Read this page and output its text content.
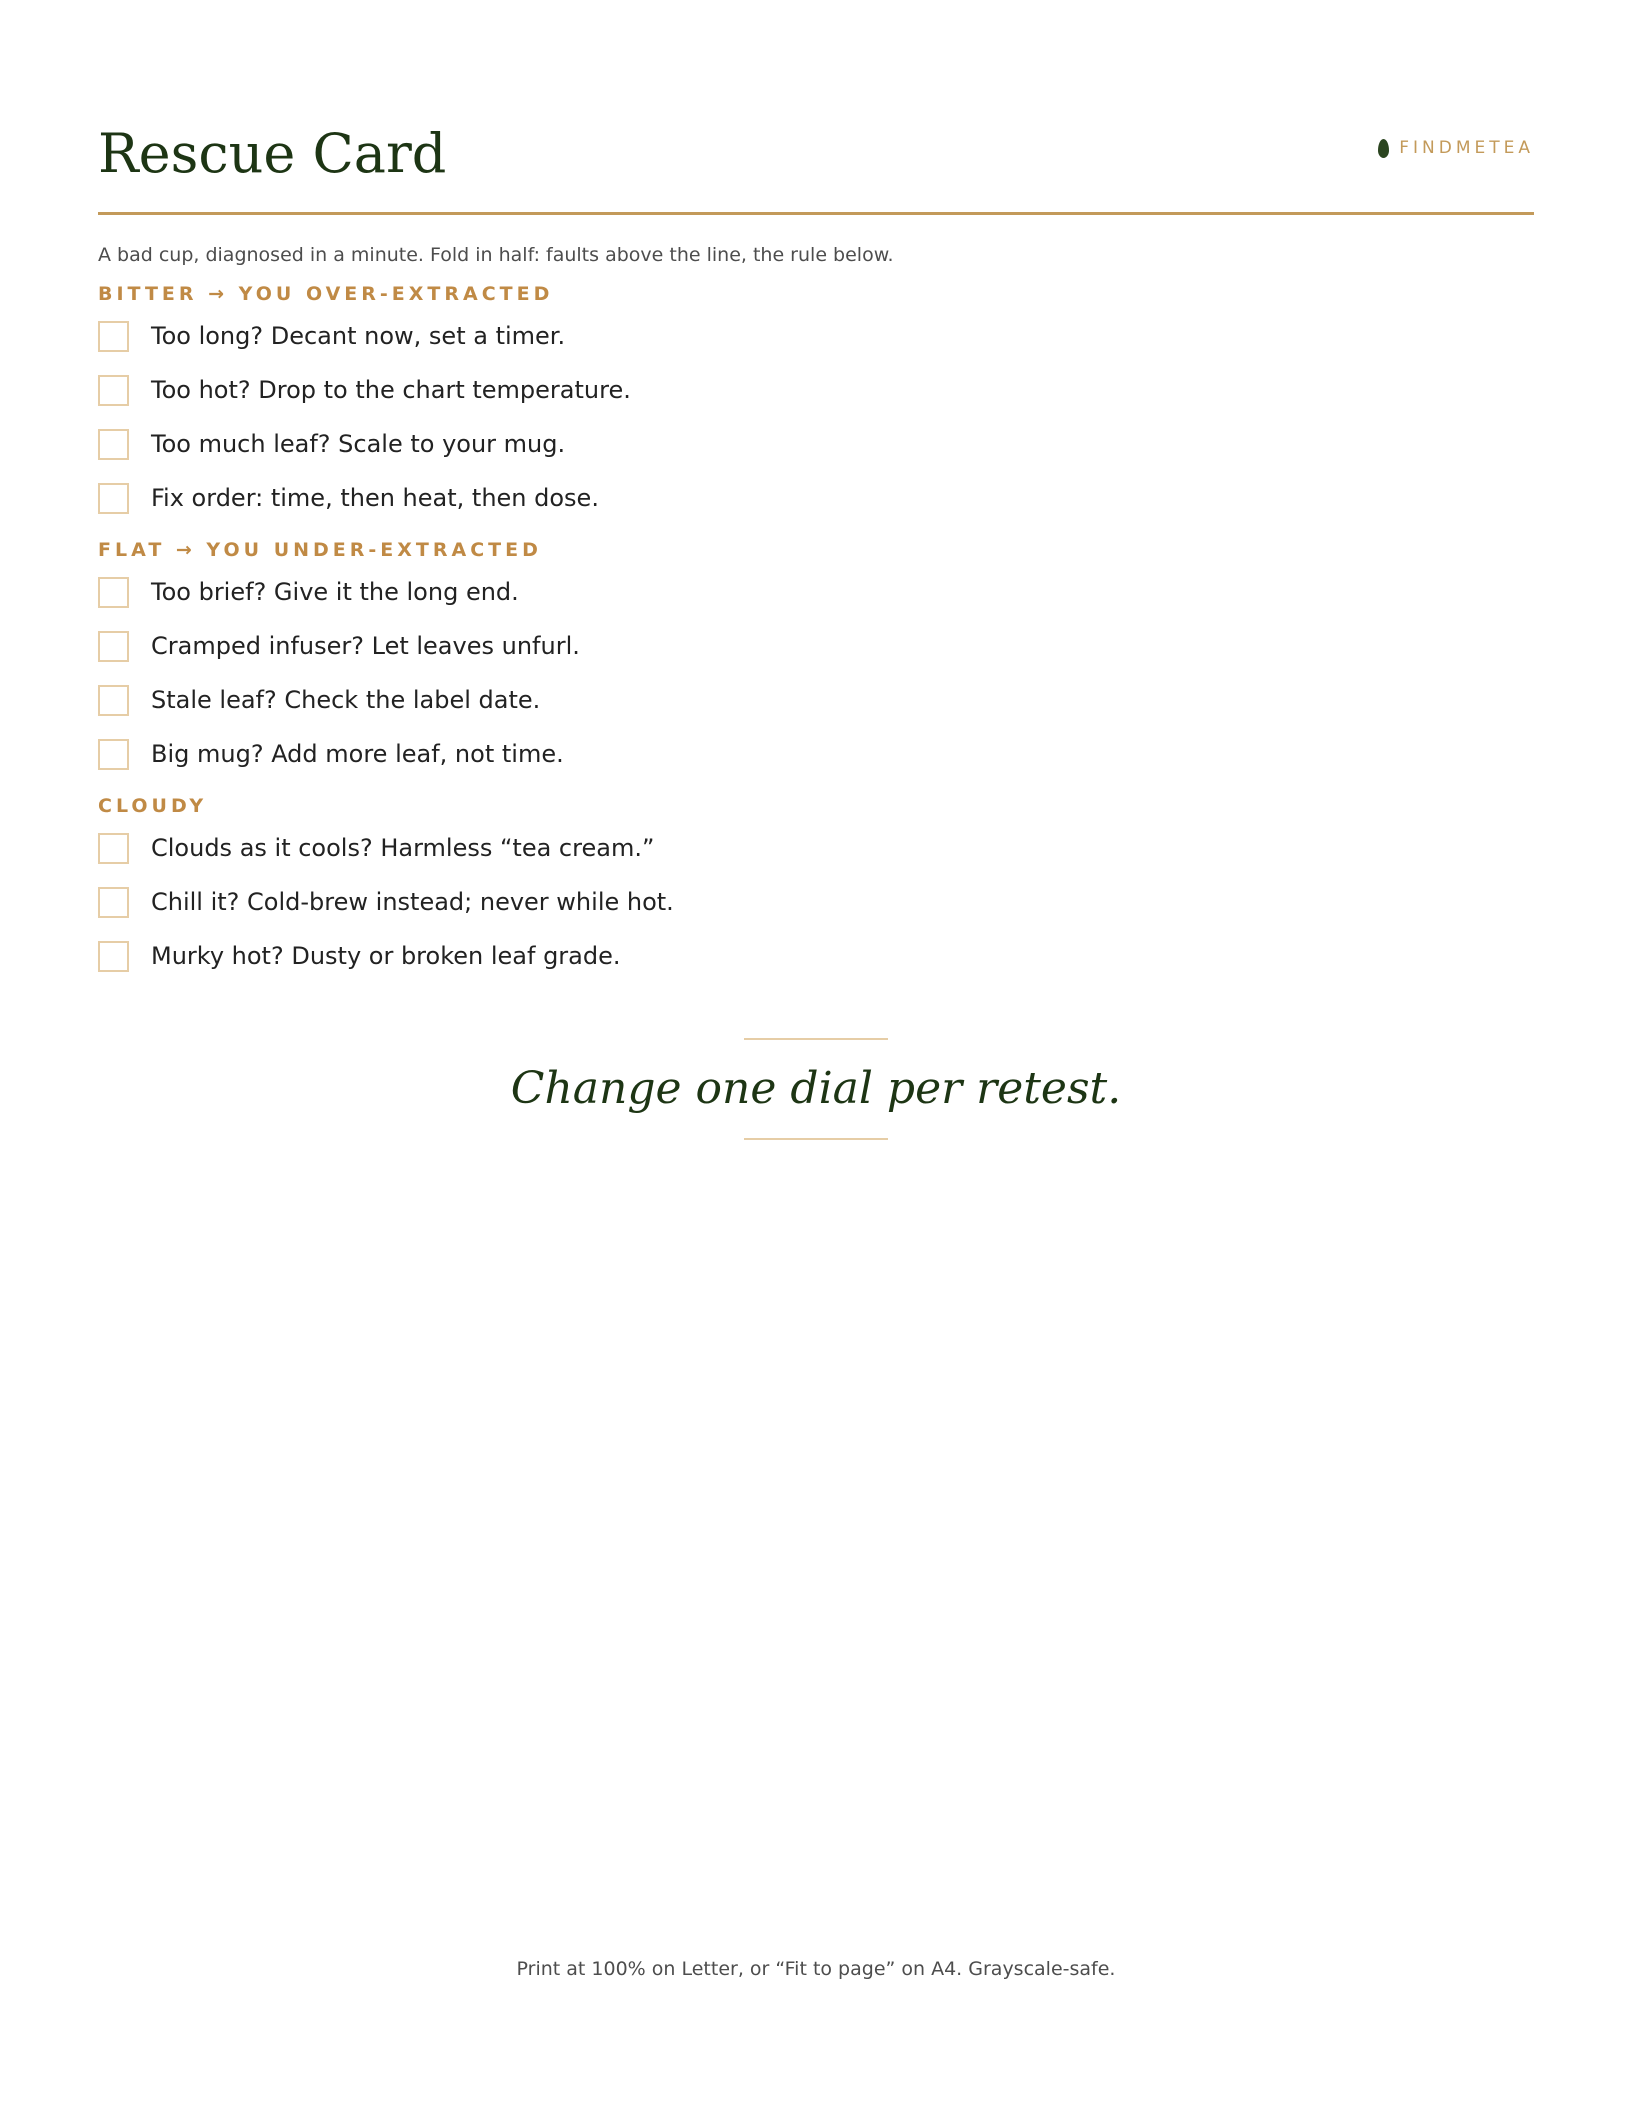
Rescue Card	FINDMETEA

A bad cup, diagnosed in a minute. Fold in half: faults above the line, the rule below.

BITTER → YOU OVER-EXTRACTED
Too long? Decant now, set a timer.
Too hot? Drop to the chart temperature.
Too much leaf? Scale to your mug.
Fix order: time, then heat, then dose.
FLAT → YOU UNDER-EXTRACTED
Too brief? Give it the long end.
Cramped infuser? Let leaves unfurl.
Stale leaf? Check the label date.
Big mug? Add more leaf, not time.
CLOUDY
Clouds as it cools? Harmless “tea cream.”
Chill it? Cold-brew instead; never while hot.
Murky hot? Dusty or broken leaf grade.

Change one dial per retest.

Print at 100% on Letter, or “Fit to page” on A4. Grayscale-safe.
